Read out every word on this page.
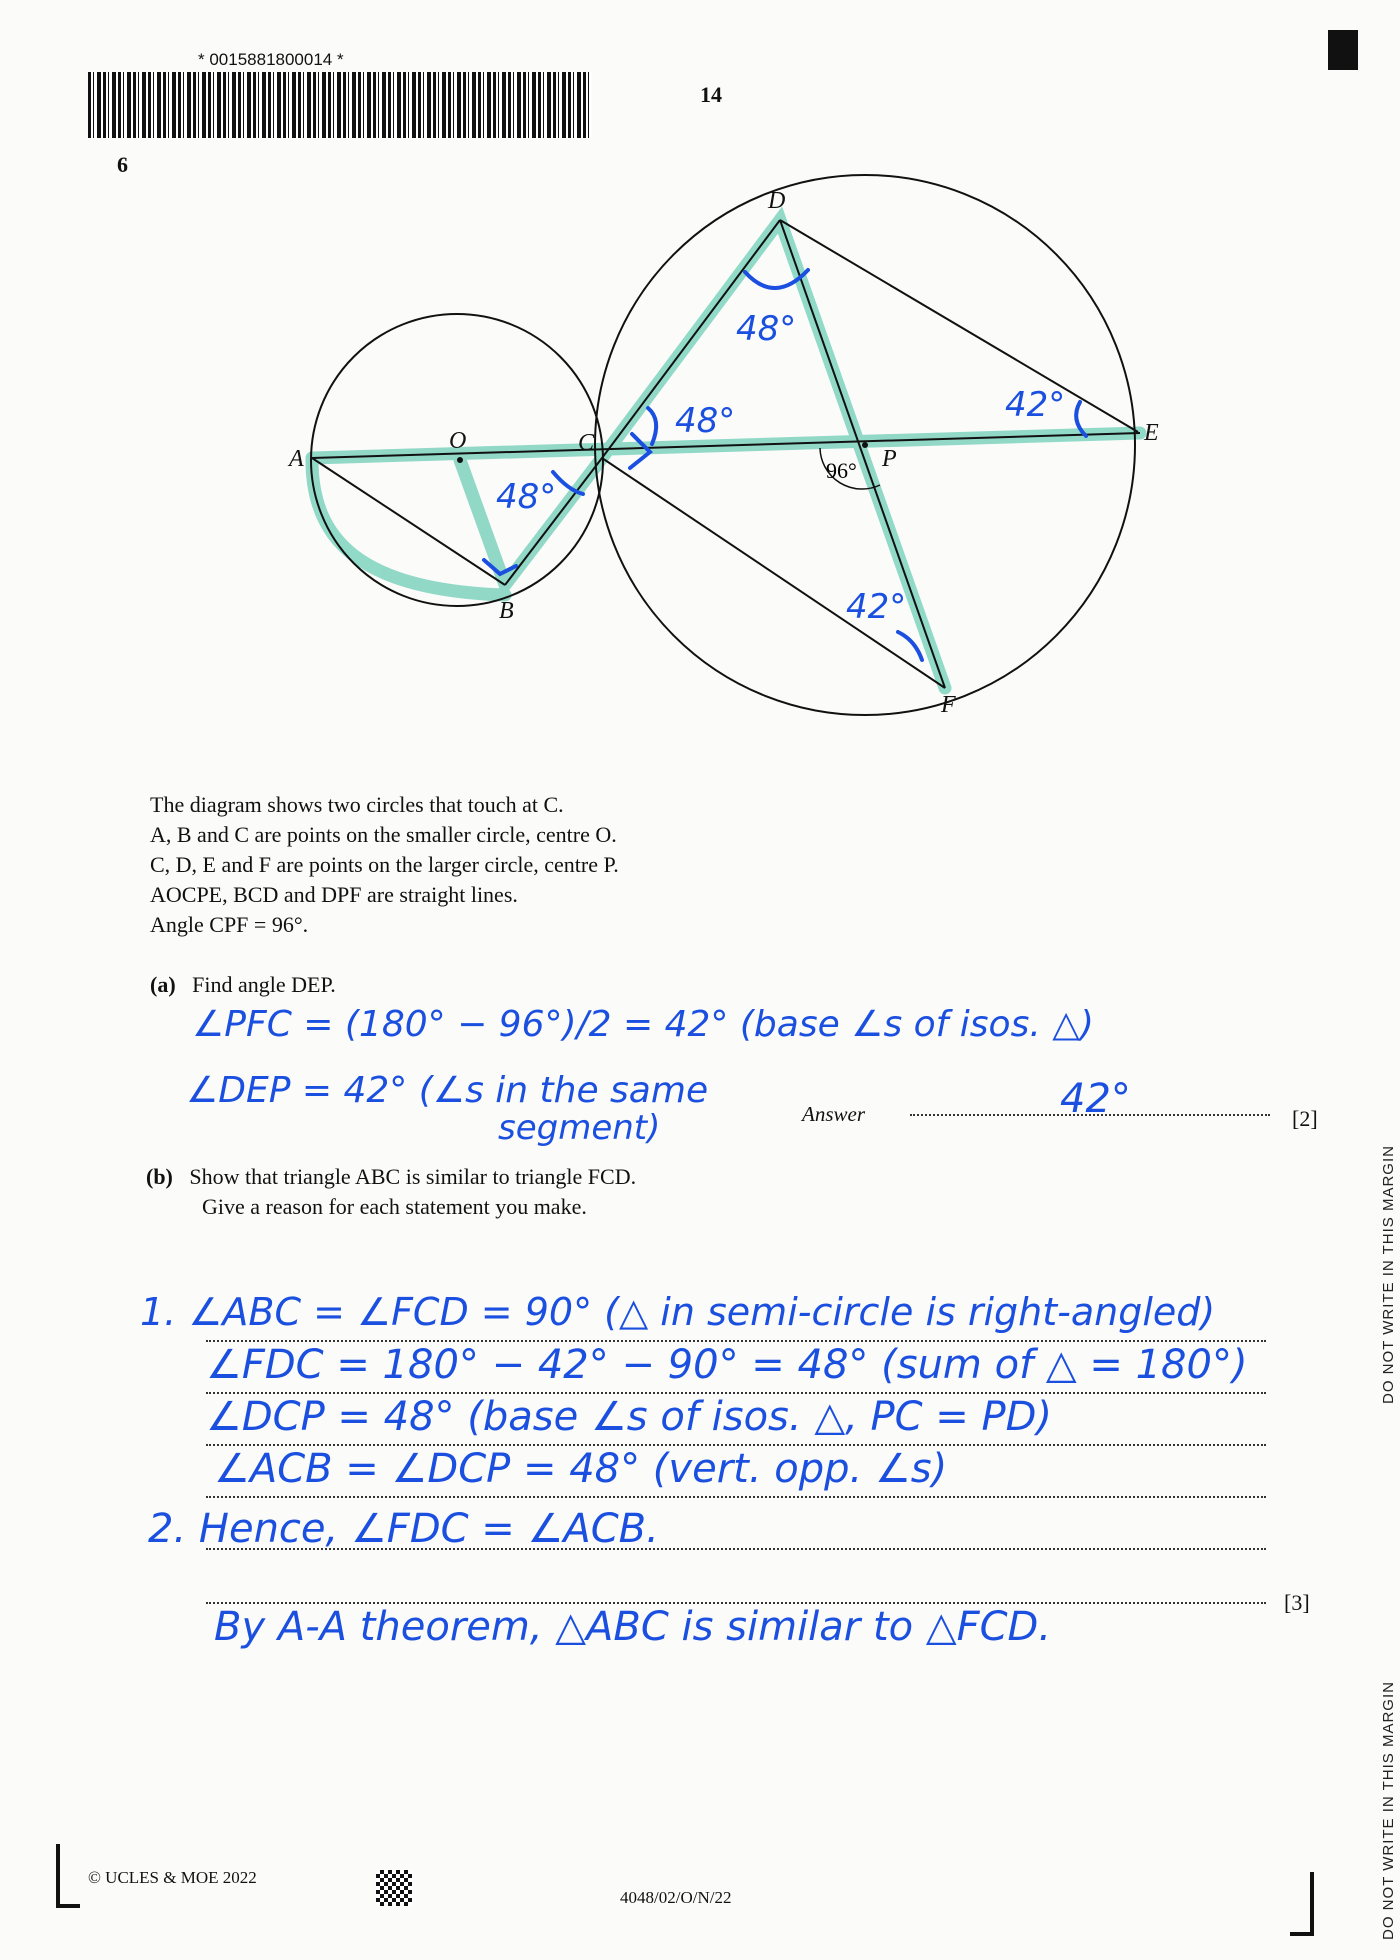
* 0015881800014 *
14
6
D
A
O	C	E
P
B
F
96°
48°
48°	42°
48°
42°
The diagram shows two circles that touch at C.
A, B and C are points on the smaller circle, centre O.
C, D, E and F are points on the larger circle, centre P.
AOCPE, BCD and DPF are straight lines.
Angle CPF = 96°.
(a) Find angle DEP.
∠PFC = (180° − 96°)/2 = 42° (base ∠s of isos. △)
∠DEP = 42° (∠s in the same
segment)	Answer	42°	[2]
(b) Show that triangle ABC is similar to triangle FCD.
Give a reason for each statement you make.
1. ∠ABC = ∠FCD = 90° (△ in semi-circle is right-angled)
∠FDC = 180° − 42° − 90° = 48° (sum of △ = 180°)
∠DCP = 48° (base ∠s of isos. △, PC = PD)
∠ACB = ∠DCP = 48° (vert. opp. ∠s)
2. Hence, ∠FDC = ∠ACB.
By A-A theorem, △ABC is similar to △FCD.
[3]
© UCLES & MOE 2022
4048/02/O/N/22
DO NOT WRITE IN THIS MARGIN
DO NOT WRITE IN THIS MARGIN
